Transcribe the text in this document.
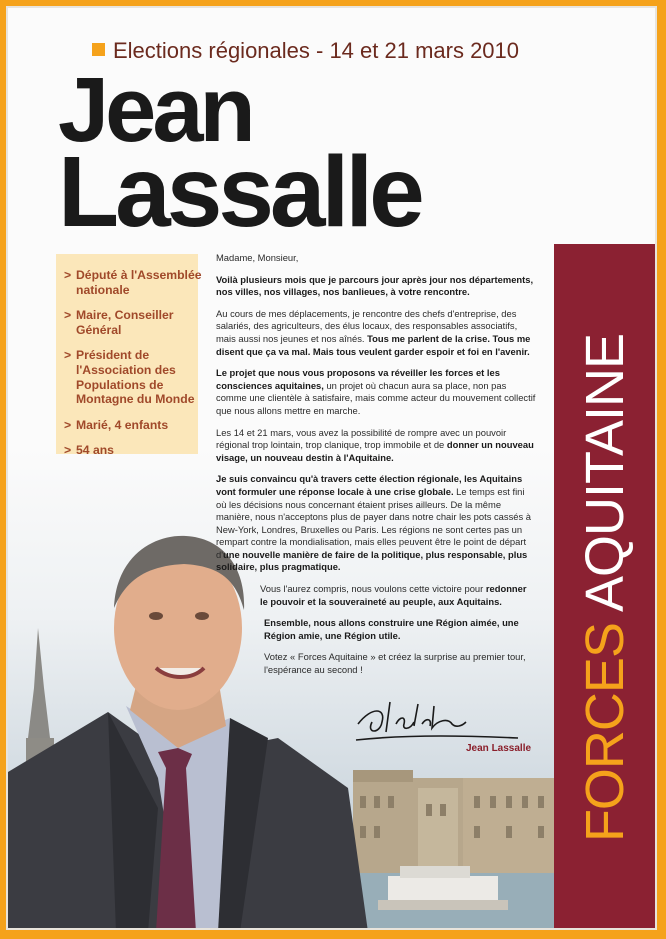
Elections régionales - 14 et 21 mars 2010
Jean
Lassalle
> Député à l'Assemblée nationale
> Maire, Conseiller Général
> Président de l'Association des Populations de Montagne du Monde
> Marié, 4 enfants
> 54 ans

Madame, Monsieur,

Voilà plusieurs mois que je parcours jour après jour nos départements, nos villes, nos villages, nos banlieues, à votre rencontre.

Au cours de mes déplacements, je rencontre des chefs d'entreprise, des salariés, des agriculteurs, des élus locaux, des responsables associatifs, mais aussi nos jeunes et nos aînés. Tous me parlent de la crise. Tous me disent que ça va mal. Mais tous veulent garder espoir et foi en l'avenir.

Le projet que nous vous proposons va réveiller les forces et les consciences aquitaines, un projet où chacun aura sa place, non pas comme une clientèle à satisfaire, mais comme acteur du mouvement collectif que nous allons mettre en marche.

Les 14 et 21 mars, vous avez la possibilité de rompre avec un pouvoir régional trop lointain, trop clanique, trop immobile et de donner un nouveau visage, un nouveau destin à l'Aquitaine.

Je suis convaincu qu'à travers cette élection régionale, les Aquitains vont formuler une réponse locale à une crise globale. Le temps est fini où les décisions nous concernant étaient prises ailleurs. De la même manière, nous n'acceptons plus de payer dans notre chair les pots cassés à New-York, Londres, Bruxelles ou Paris. Les régions ne sont certes pas un rempart contre la mondialisation, mais elles peuvent être le point de départ d'une nouvelle manière de faire de la politique, plus responsable, plus solidaire, plus pragmatique.

Vous l'aurez compris, nous voulons cette victoire pour redonner le pouvoir et la souveraineté au peuple, aux Aquitains.

Ensemble, nous allons construire une Région aimée, une Région amie, une Région utile.

Votez « Forces Aquitaine » et créez la surprise au premier tour, l'espérance au second !

Jean Lassalle FORCES AQUITAINE
